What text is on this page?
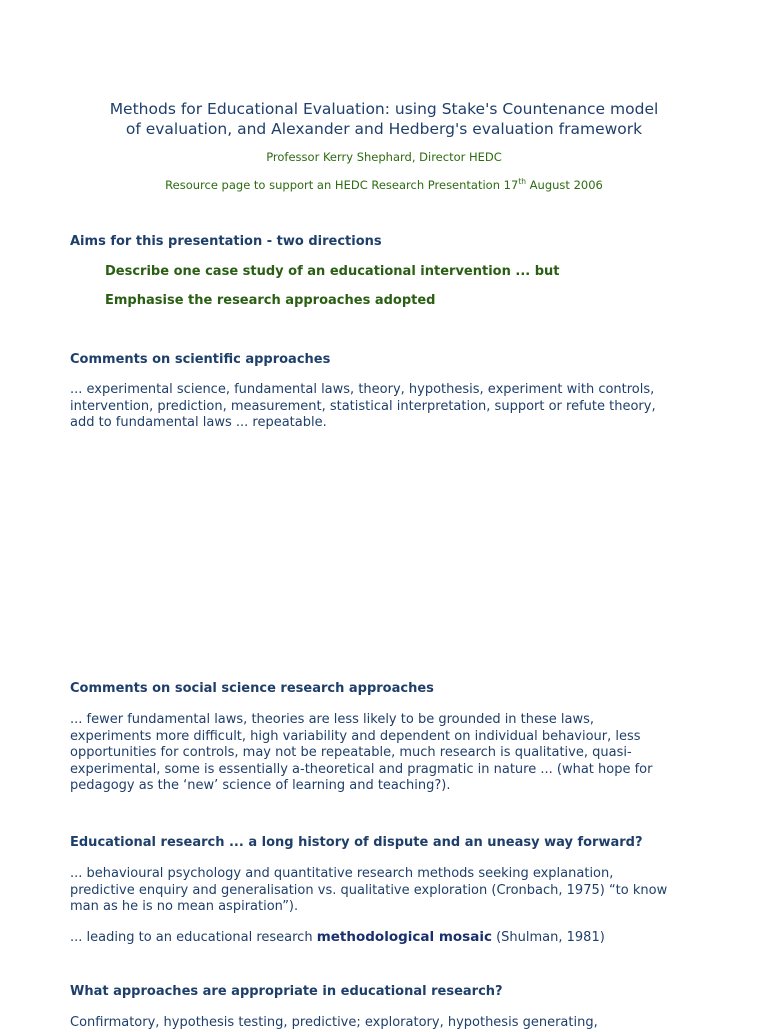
Methods for Educational Evaluation: using Stake's Countenance model
of evaluation, and Alexander and Hedberg's evaluation framework
Professor Kerry Shephard, Director HEDC
Resource page to support an HEDC Research Presentation 17th August 2006
Aims for this presentation - two directions
Describe one case study of an educational intervention ... but
Emphasise the research approaches adopted
Comments on scientific approaches
... experimental science, fundamental laws, theory, hypothesis, experiment with controls,
intervention, prediction, measurement, statistical interpretation, support or refute theory,
add to fundamental laws ... repeatable.
Comments on social science research approaches
... fewer fundamental laws, theories are less likely to be grounded in these laws,
experiments more difficult, high variability and dependent on individual behaviour, less
opportunities for controls, may not be repeatable, much research is qualitative, quasi-
experimental, some is essentially a-theoretical and pragmatic in nature ... (what hope for
pedagogy as the ‘new’ science of learning and teaching?).
Educational research ... a long history of dispute and an uneasy way forward?
... behavioural psychology and quantitative research methods seeking explanation,
predictive enquiry and generalisation vs. qualitative exploration (Cronbach, 1975) “to know
man as he is no mean aspiration”).
... leading to an educational research methodological mosaic (Shulman, 1981)
What approaches are appropriate in educational research?
Confirmatory, hypothesis testing, predictive; exploratory, hypothesis generating,
